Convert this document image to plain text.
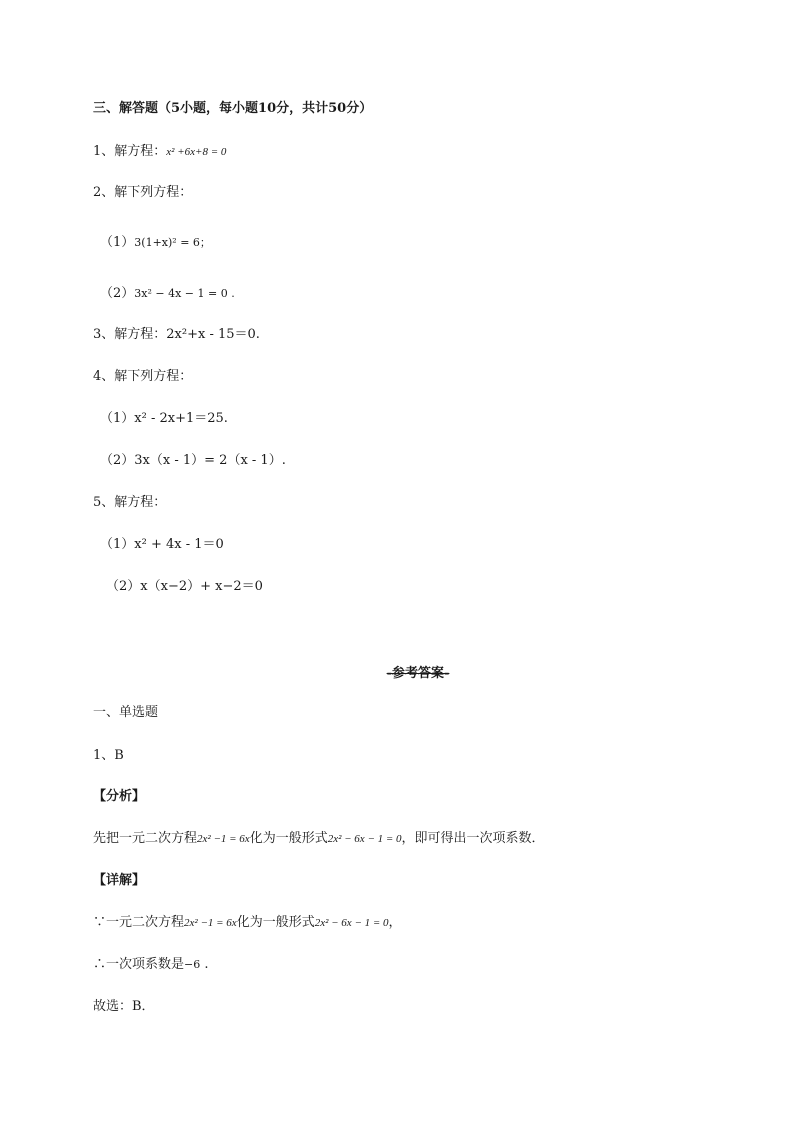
三、解答题（5小题，每小题10分，共计50分）
1、解方程：x² +6x+8 = 0
2、解下列方程：
（1）3(1+x)² = 6；
（2）3x² − 4x − 1 = 0 .
3、解方程：2x²+x - 15＝0.
4、解下列方程：
（1）x² - 2x+1＝25.
（2）3x（x - 1）= 2（x - 1）.
5、解方程：
（1）x² + 4x - 1＝0
（2）x（x−2）+ x−2＝0
-参考答案-
一、单选题
1、B
【分析】
先把一元二次方程2x² −1 = 6x化为一般形式2x² − 6x − 1 = 0，即可得出一次项系数．
【详解】
∵一元二次方程2x² −1 = 6x化为一般形式2x² − 6x − 1 = 0，
∴一次项系数是−6 .
故选：B．
